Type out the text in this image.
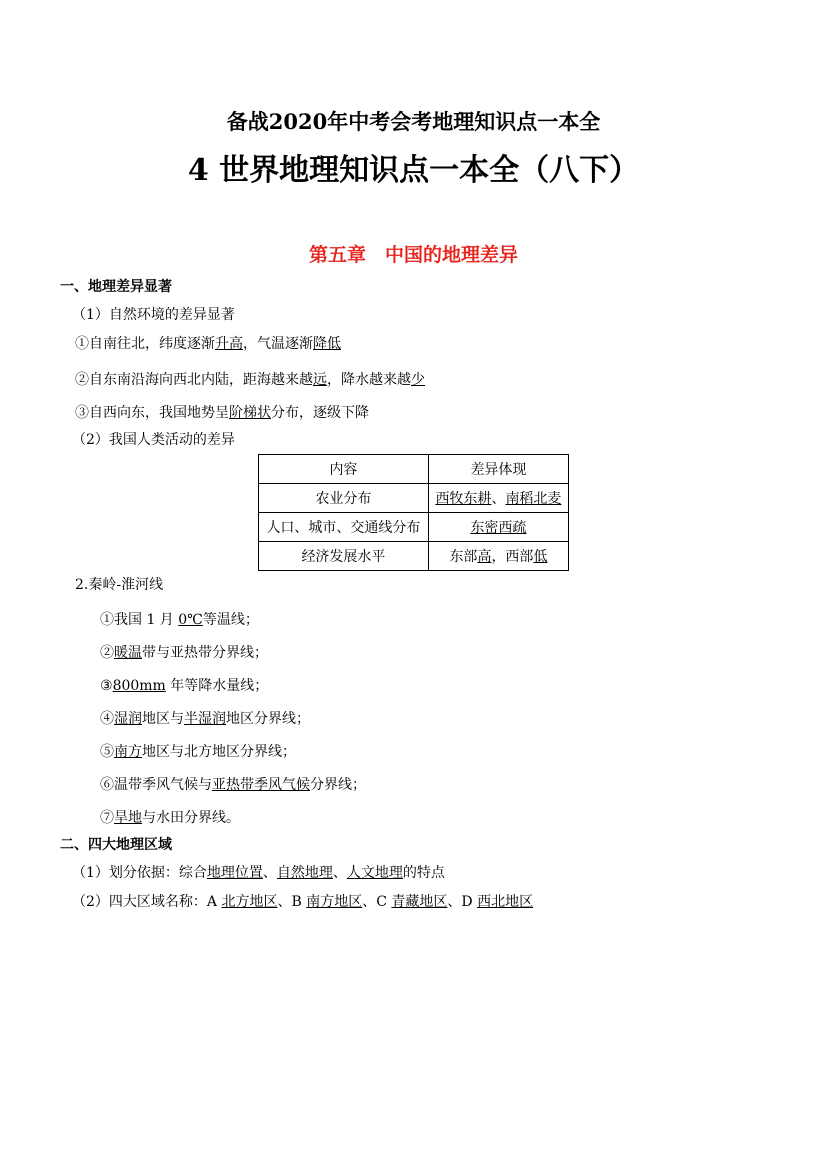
备战2020年中考会考地理知识点一本全
4 世界地理知识点一本全（八下）
第五章　中国的地理差异
一、地理差异显著
（1）自然环境的差异显著
①自南往北，纬度逐渐升高，气温逐渐降低
②自东南沿海向西北内陆，距海越来越远，降水越来越少
③自西向东，我国地势呈阶梯状分布，逐级下降
（2）我国人类活动的差异
内容	差异体现
农业分布	西牧东耕、南稻北麦
人口、城市、交通线分布	东密西疏
经济发展水平	东部高，西部低
2.秦岭-淮河线
①我国 1 月 0℃等温线；
②暖温带与亚热带分界线；
③800mm 年等降水量线；
④湿润地区与半湿润地区分界线；
⑤南方地区与北方地区分界线；
⑥温带季风气候与亚热带季风气候分界线；
⑦旱地与水田分界线。
二、四大地理区域
（1）划分依据：综合地理位置、自然地理、人文地理的特点
（2）四大区域名称：A 北方地区、B 南方地区、C 青藏地区、D 西北地区
